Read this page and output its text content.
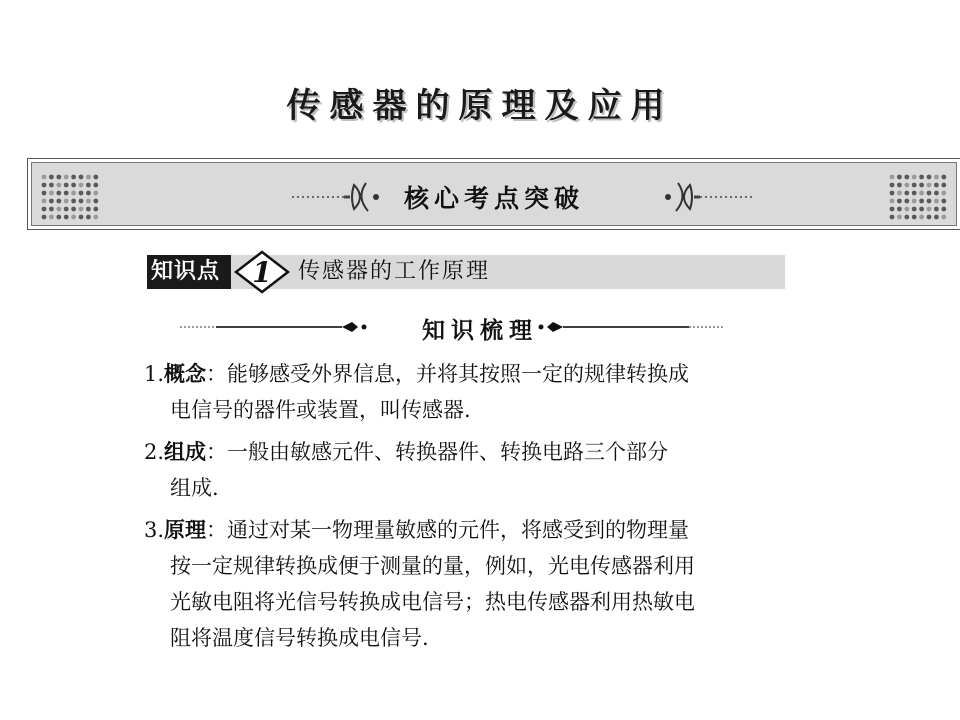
传感器的原理及应用
核心考点突破
知识点	1 传感器的工作原理
知识梳理
1.概念：能够感受外界信息，并将其按照一定的规律转换成
电信号的器件或装置，叫传感器.
2.组成：一般由敏感元件、转换器件、转换电路三个部分
组成.
3.原理：通过对某一物理量敏感的元件，将感受到的物理量
按一定规律转换成便于测量的量，例如，光电传感器利用
光敏电阻将光信号转换成电信号；热电传感器利用热敏电
阻将温度信号转换成电信号.
